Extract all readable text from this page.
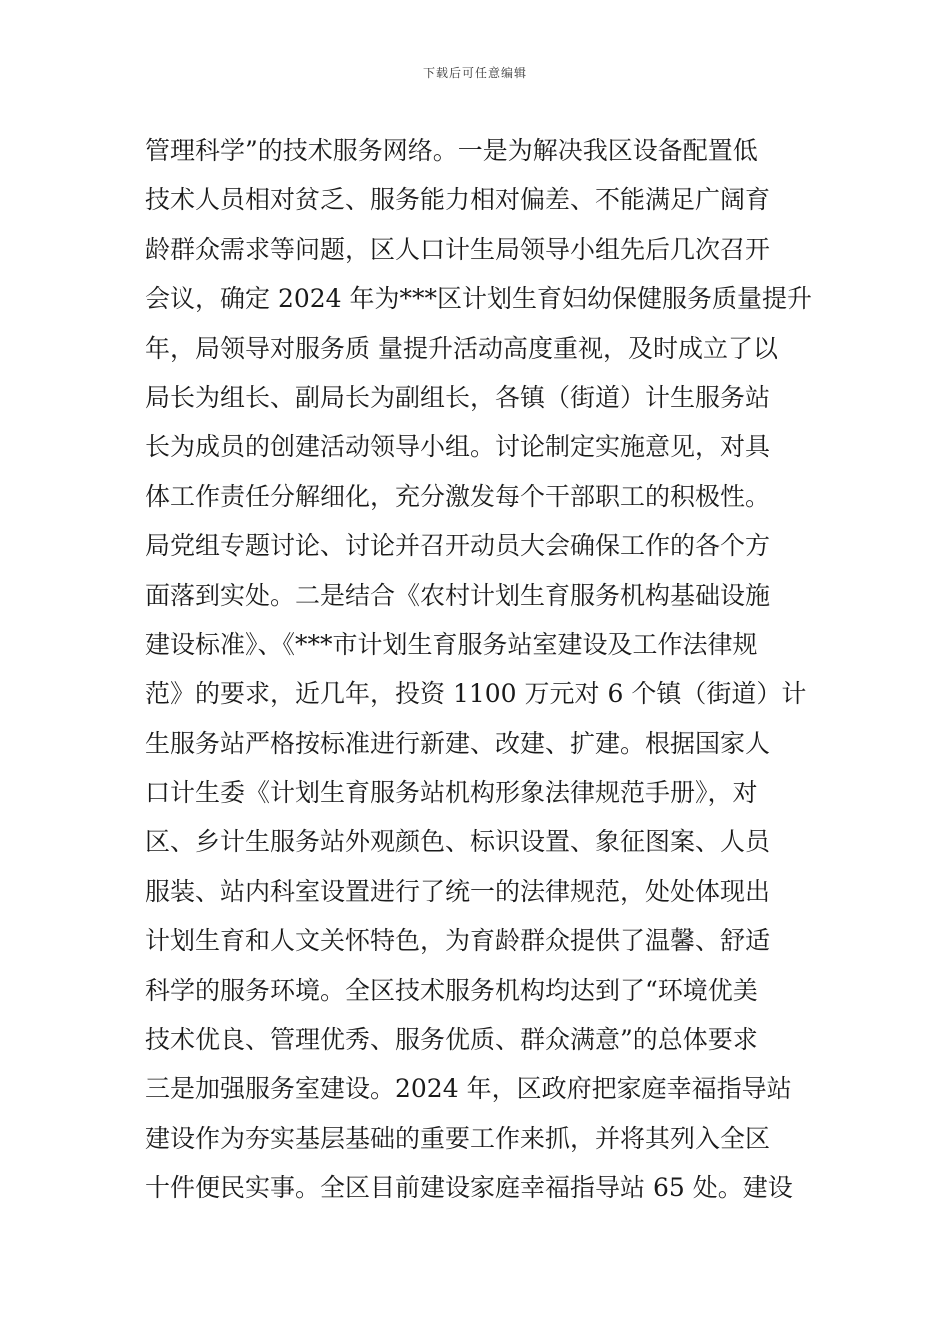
下载后可任意编辑
管理科学”的技术服务网络。一是为解决我区设备配置低
技术人员相对贫乏、服务能力相对偏差、不能满足广阔育
龄群众需求等问题，区人口计生局领导小组先后几次召开
会议，确定 2024 年为***区计划生育妇幼保健服务质量提升
年，局领导对服务质 量提升活动高度重视，及时成立了以
局长为组长、副局长为副组长，各镇（街道）计生服务站
长为成员的创建活动领导小组。讨论制定实施意见，对具
体工作责任分解细化，充分激发每个干部职工的积极性。
局党组专题讨论、讨论并召开动员大会确保工作的各个方
面落到实处。二是结合《农村计划生育服务机构基础设施
建设标准》、《***市计划生育服务站室建设及工作法律规
范》的要求，近几年，投资 1100 万元对 6 个镇（街道）计
生服务站严格按标准进行新建、改建、扩建。根据国家人
口计生委《计划生育服务站机构形象法律规范手册》，对
区、乡计生服务站外观颜色、标识设置、象征图案、人员
服装、站内科室设置进行了统一的法律规范，处处体现出
计划生育和人文关怀特色，为育龄群众提供了温馨、舒适
科学的服务环境。全区技术服务机构均达到了“环境优美
技术优良、管理优秀、服务优质、群众满意”的总体要求
三是加强服务室建设。2024 年，区政府把家庭幸福指导站
建设作为夯实基层基础的重要工作来抓，并将其列入全区
十件便民实事。全区目前建设家庭幸福指导站 65 处。建设
